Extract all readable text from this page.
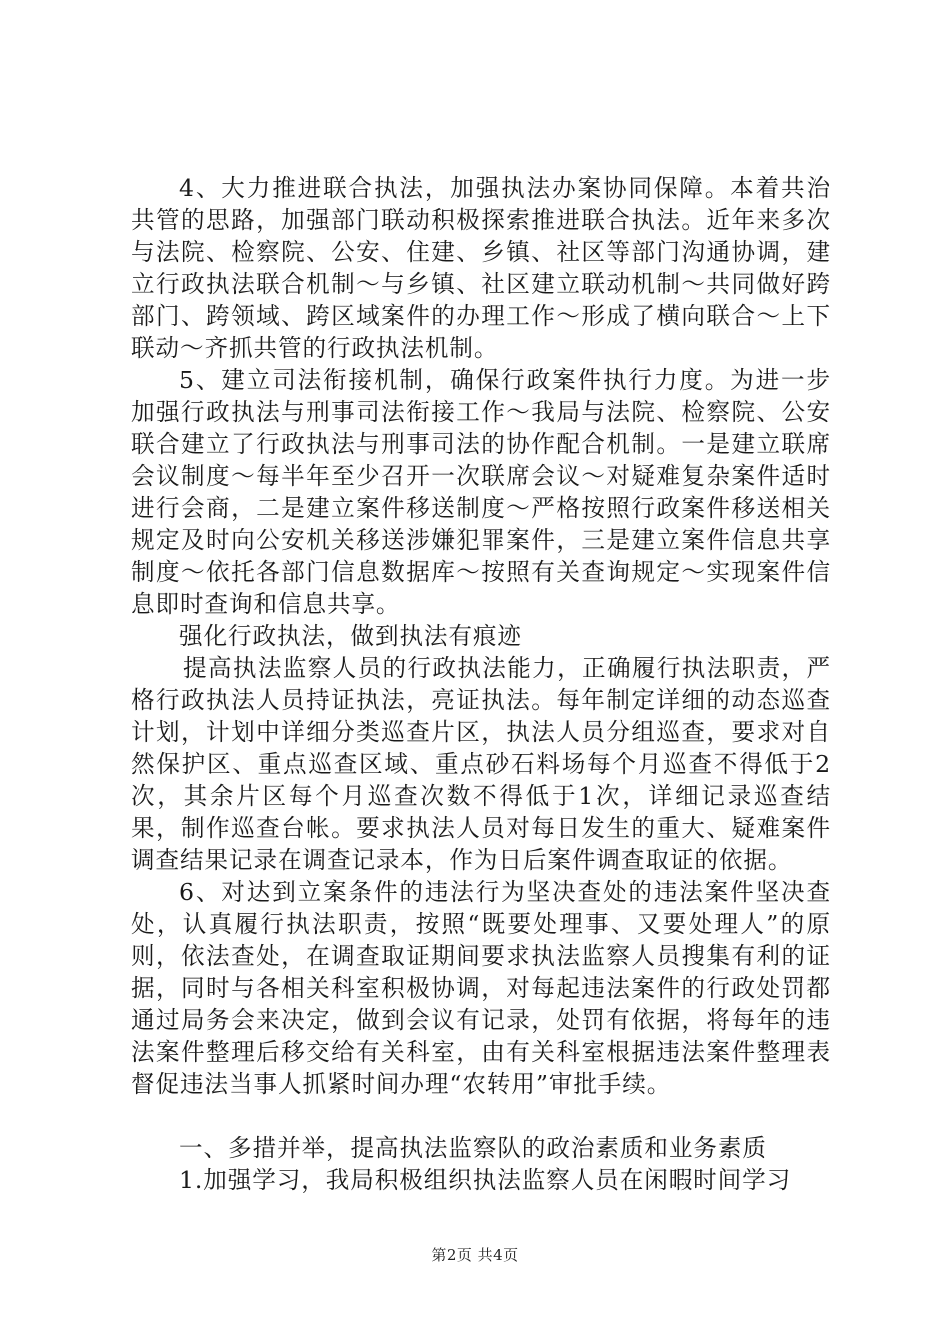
4、大力推进联合执法，加强执法办案协同保障。本着共治共管的思路，加强部门联动积极探索推进联合执法。近年来多次与法院、检察院、公安、住建、乡镇、社区等部门沟通协调，建立行政执法联合机制～与乡镇、社区建立联动机制～共同做好跨部门、跨领域、跨区域案件的办理工作～形成了横向联合～上下联动～齐抓共管的行政执法机制。

5、建立司法衔接机制，确保行政案件执行力度。为进一步加强行政执法与刑事司法衔接工作～我局与法院、检察院、公安联合建立了行政执法与刑事司法的协作配合机制。一是建立联席会议制度～每半年至少召开一次联席会议～对疑难复杂案件适时进行会商，二是建立案件移送制度～严格按照行政案件移送相关规定及时向公安机关移送涉嫌犯罪案件，三是建立案件信息共享制度～依托各部门信息数据库～按照有关查询规定～实现案件信息即时查询和信息共享。

强化行政执法，做到执法有痕迹

提高执法监察人员的行政执法能力，正确履行执法职责，严格行政执法人员持证执法，亮证执法。每年制定详细的动态巡查计划，计划中详细分类巡查片区，执法人员分组巡查，要求对自然保护区、重点巡查区域、重点砂石料场每个月巡查不得低于2次，其余片区每个月巡查次数不得低于1次，详细记录巡查结果，制作巡查台帐。要求执法人员对每日发生的重大、疑难案件调查结果记录在调查记录本，作为日后案件调查取证的依据。

6、对达到立案条件的违法行为坚决查处的违法案件坚决查处，认真履行执法职责，按照“既要处理事、又要处理人”的原则，依法查处，在调查取证期间要求执法监察人员搜集有利的证据，同时与各相关科室积极协调，对每起违法案件的行政处罚都通过局务会来决定，做到会议有记录，处罚有依据，将每年的违法案件整理后移交给有关科室，由有关科室根据违法案件整理表督促违法当事人抓紧时间办理“农转用”审批手续。

一、多措并举，提高执法监察队的政治素质和业务素质

1.加强学习，我局积极组织执法监察人员在闲暇时间学习

第2页 共4页
